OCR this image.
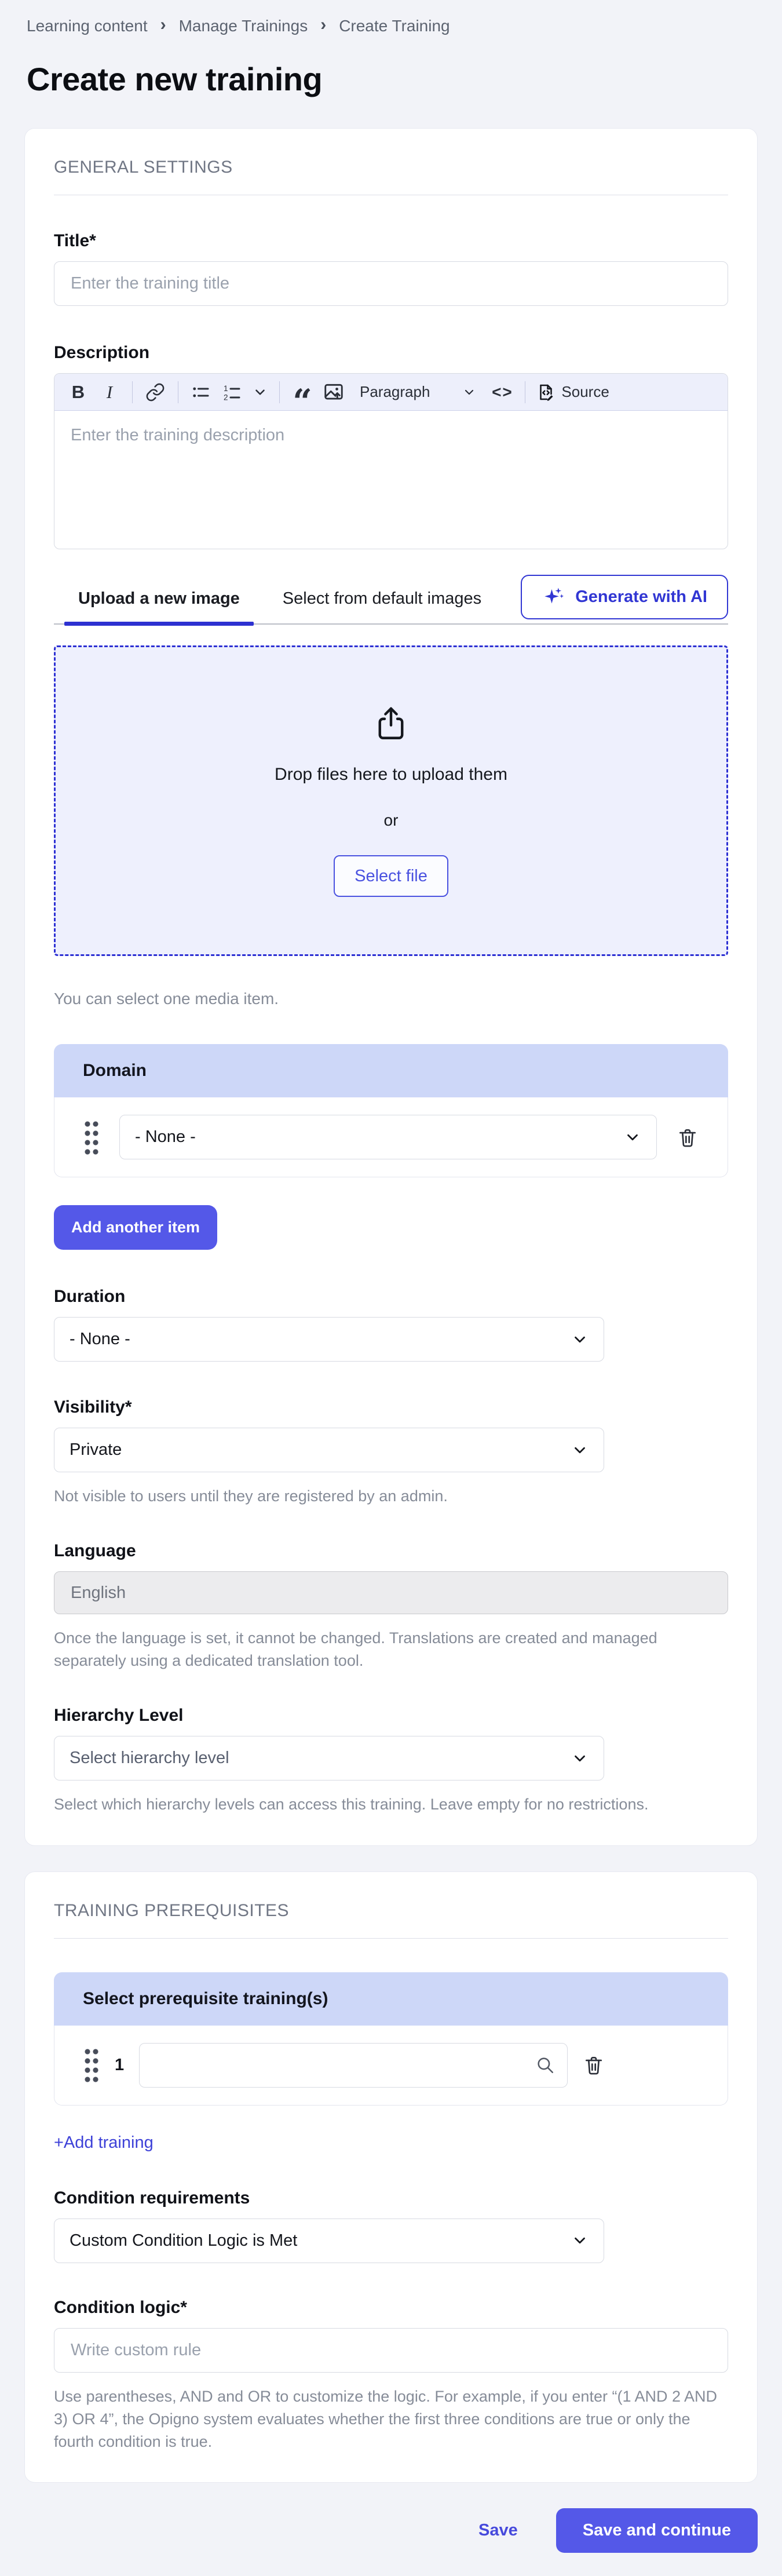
Learning content › Manage Trainings › Create Training
Create new training
GENERAL SETTINGS
Title*
Enter the training title
Description
B	I	1
2 “	Paragraph	<>	Source
Enter the training description
Upload a new image	Select from default images	Generate with AI
Drop files here to upload them
or
Select file
You can select one media item.
Domain
- None -
Add another item
Duration
- None -
Visibility*
Private
Not visible to users until they are registered by an admin.
Language
English
Once the language is set, it cannot be changed. Translations are created and managed separately using a dedicated translation tool.
Hierarchy Level
Select hierarchy level
Select which hierarchy levels can access this training. Leave empty for no restrictions.
TRAINING PREREQUISITES
Select prerequisite training(s)
1
+Add training
Condition requirements
Custom Condition Logic is Met
Condition logic*
Write custom rule
Use parentheses, AND and OR to customize the logic. For example, if you enter “(1 AND 2 AND 3) OR 4”, the Opigno system evaluates whether the first three conditions are true or only the fourth condition is true.
Save	Save and continue
